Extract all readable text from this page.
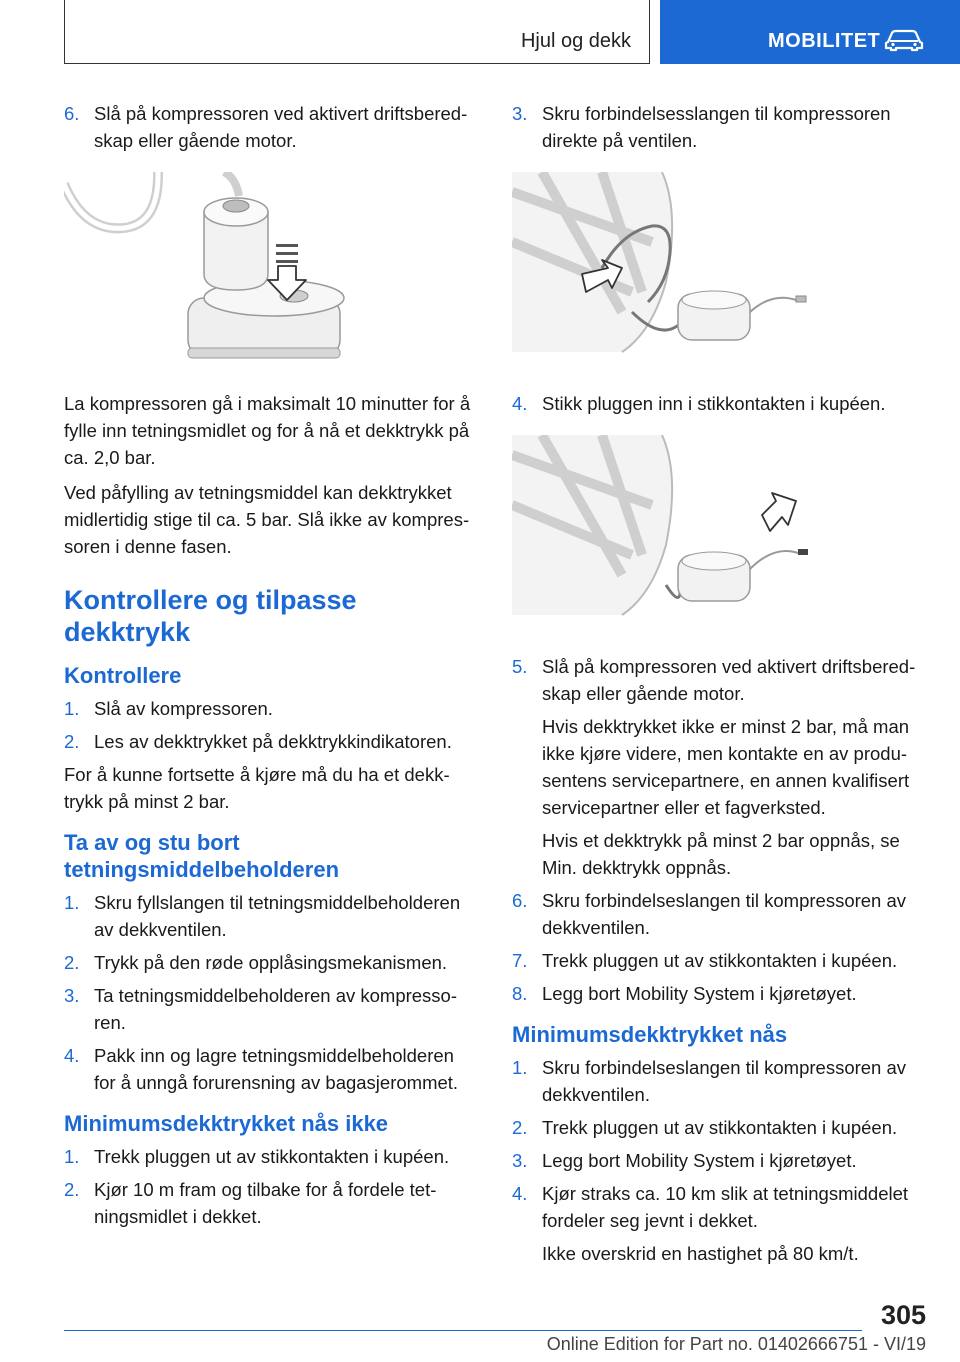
Hjul og dekk	MOBILITET
6. Slå på kompressoren ved aktivert driftsberedskap eller gående motor.

La kompressoren gå i maksimalt 10 minutter for å fylle inn tetningsmidlet og for å nå et dekktrykk på ca. 2,0 bar.

Ved påfylling av tetningsmiddel kan dekktrykket midlertidig stige til ca. 5 bar. Slå ikke av kompressoren i denne fasen.

Kontrollere og tilpasse dekktrykk
Kontrollere
1. Slå av kompressoren.
2. Les av dekktrykket på dekktrykkindikatoren.

For å kunne fortsette å kjøre må du ha et dekktrykk på minst 2 bar.

Ta av og stu bort tetningsmiddelbeholderen
1. Skru fyllslangen til tetningsmiddelbeholderen av dekkventilen.
2. Trykk på den røde opplåsingsmekanismen.
3. Ta tetningsmiddelbeholderen av kompressoren.
4. Pakk inn og lagre tetningsmiddelbeholderen for å unngå forurensning av bagasjerommet.
Minimumsdekktrykket nås ikke
1. Trekk pluggen ut av stikkontakten i kupéen.
2. Kjør 10 m fram og tilbake for å fordele tetningsmidlet i dekket.
3. Skru forbindelsesslangen til kompressoren direkte på ventilen.
4. Stikk pluggen inn i stikkontakten i kupéen.
5. Slå på kompressoren ved aktivert driftsberedskap eller gående motor.
Hvis dekktrykket ikke er minst 2 bar, må man ikke kjøre videre, men kontakte en av produsentens servicepartnere, en annen kvalifisert servicepartner eller et fagverksted.
Hvis et dekktrykk på minst 2 bar oppnås, se Min. dekktrykk oppnås.
6. Skru forbindelseslangen til kompressoren av dekkventilen.
7. Trekk pluggen ut av stikkontakten i kupéen.
8. Legg bort Mobility System i kjøretøyet.
Minimumsdekktrykket nås
1. Skru forbindelseslangen til kompressoren av dekkventilen.
2. Trekk pluggen ut av stikkontakten i kupéen.
3. Legg bort Mobility System i kjøretøyet.
4. Kjør straks ca. 10 km slik at tetningsmiddelet fordeler seg jevnt i dekket.
Ikke overskrid en hastighet på 80 km/t.
305
Online Edition for Part no. 01402666751 - VI/19
